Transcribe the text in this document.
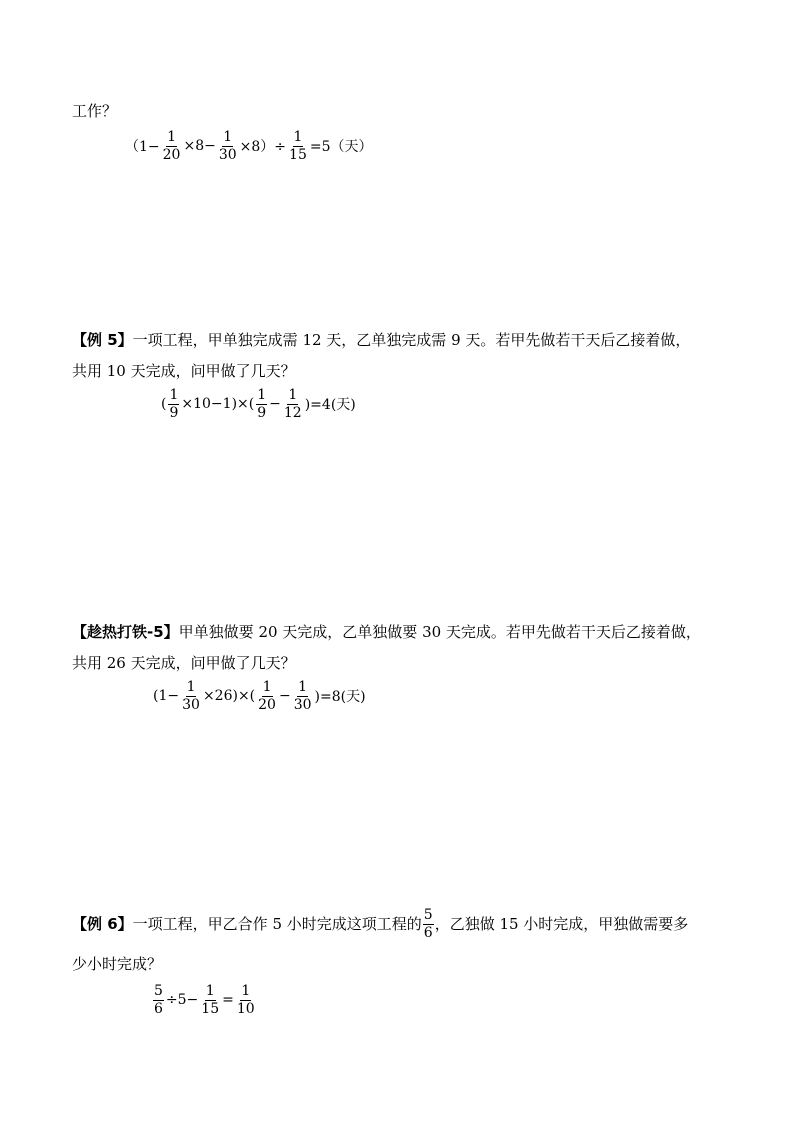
工作？
$(1- \frac{1}{20} \times 8- \frac{1}{30} \times 8)\div \frac{1}{15} =5$（天）
【例 5】一项工程，甲单独完成需 12 天，乙单独完成需 9 天。若甲先做若干天后乙接着做，
共用 10 天完成，问甲做了几天？
( $\frac{1}{9} \times 10-1)\times( \frac{1}{9} - \frac{1}{12} )=4$(天)
【趁热打铁-5】甲单独做要 20 天完成，乙单独做要 30 天完成。若甲先做若干天后乙接着做，
共用 26 天完成，问甲做了几天？
$(1- \frac{1}{30} \times 26)\times( \frac{1}{20} - \frac{1}{30} )=8$(天)
【例 6】 一项工程，甲乙合作 5 小时完成这项工程的 $\frac{5}{6}$ ，乙独做 15 小时完成，甲独做需要多
少小时完成？
$\frac{5}{6} \div 5- \frac{1}{15} = \frac{1}{10}$
